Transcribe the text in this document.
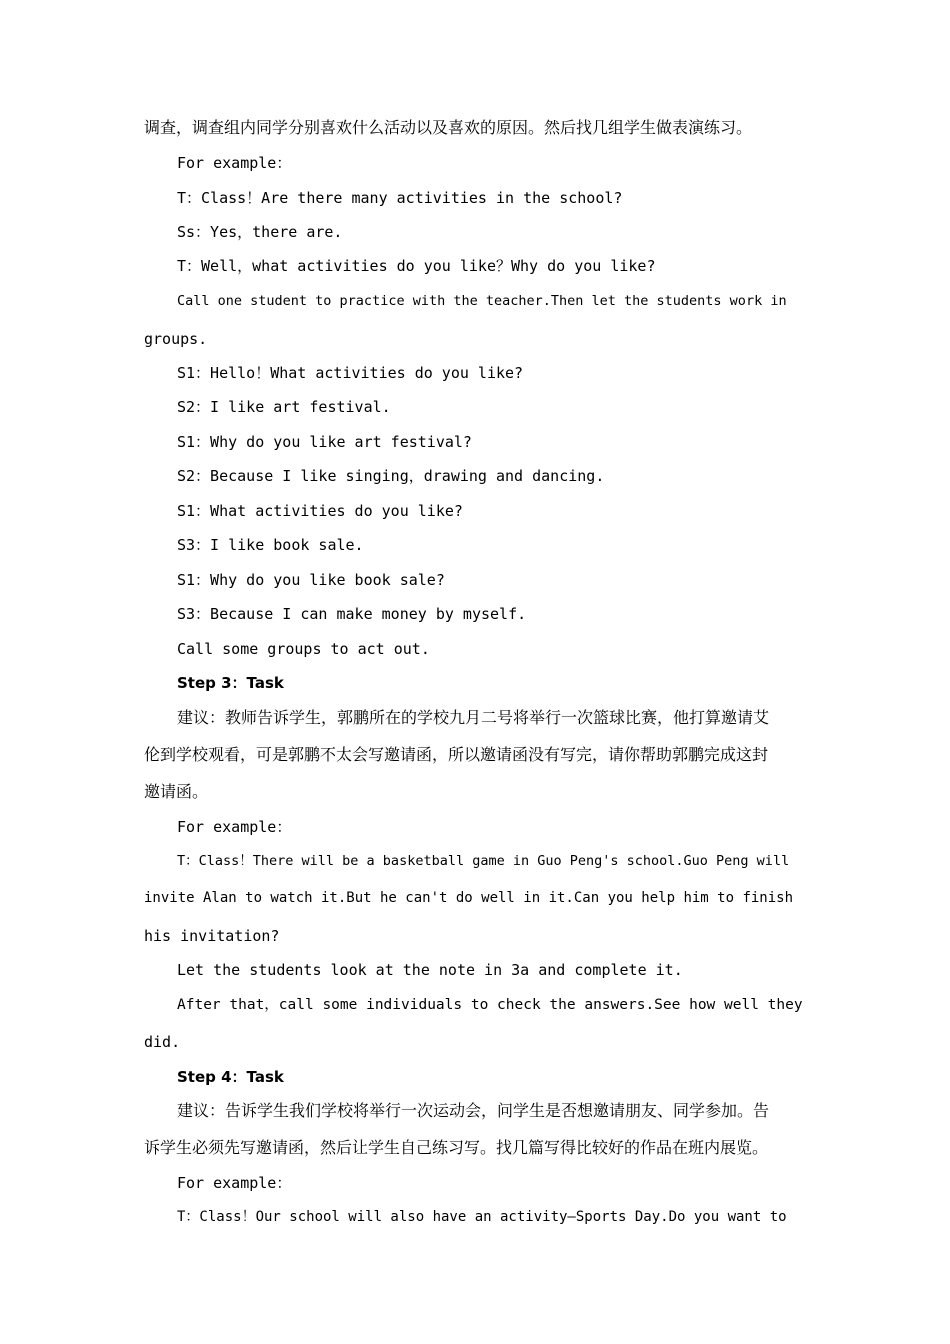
调查，调查组内同学分别喜欢什么活动以及喜欢的原因。然后找几组学生做表演练习。
For example：
T：Class！Are there many activities in the school?
Ss：Yes，there are.
T：Well，what activities do you like？Why do you like?
Call one student to practice with the teacher.Then let the students work in
groups.
S1：Hello！What activities do you like?
S2：I like art festival.
S1：Why do you like art festival?
S2：Because I like singing，drawing and dancing.
S1：What activities do you like?
S3：I like book sale.
S1：Why do you like book sale?
S3：Because I can make money by myself.
Call some groups to act out.
Step 3：Task
建议：教师告诉学生，郭鹏所在的学校九月二号将举行一次篮球比赛，他打算邀请艾
伦到学校观看，可是郭鹏不太会写邀请函，所以邀请函没有写完，请你帮助郭鹏完成这封
邀请函。
For example：
T：Class！There will be a basketball game in Guo Peng's school.Guo Peng will
invite Alan to watch it.But he can't do well in it.Can you help him to finish
his invitation?
Let the students look at the note in 3a and complete it.
After that，call some individuals to check the answers.See how well they
did.
Step 4：Task
建议：告诉学生我们学校将举行一次运动会，问学生是否想邀请朋友、同学参加。告
诉学生必须先写邀请函，然后让学生自己练习写。找几篇写得比较好的作品在班内展览。
For example：
T：Class！Our school will also have an activity—Sports Day.Do you want to
